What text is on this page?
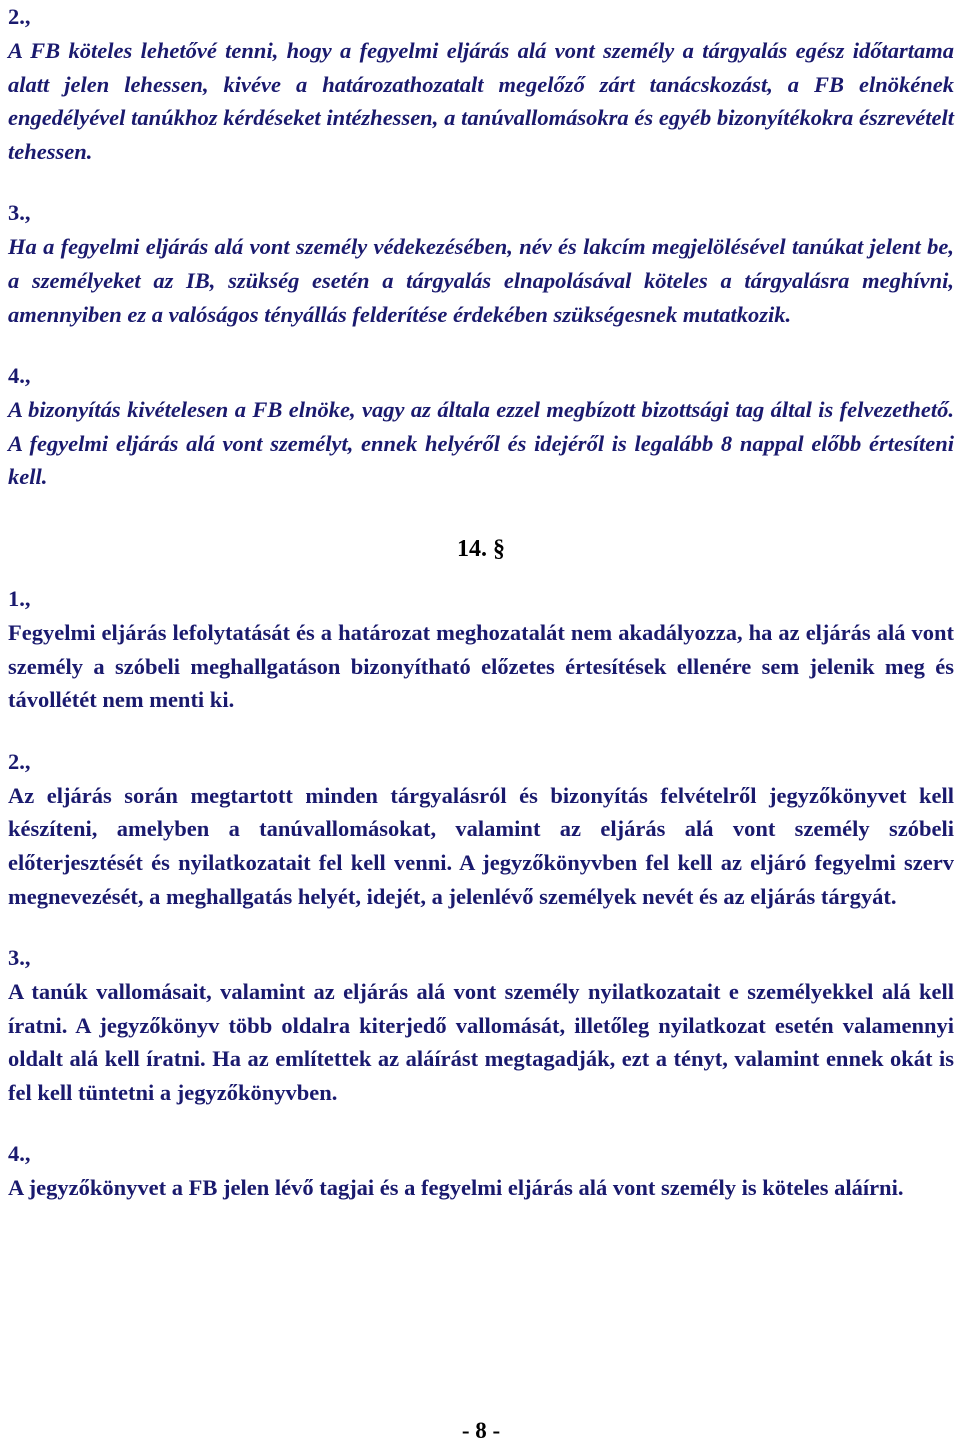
2.,

A FB köteles lehetővé tenni, hogy a fegyelmi eljárás alá vont személy a tárgyalás egész időtartama alatt jelen lehessen, kivéve a határozathozatalt megelőző zárt tanácskozást, a FB elnökének engedélyével tanúkhoz kérdéseket intézhessen, a tanúvallomásokra és egyéb bizonyítékokra észrevételt tehessen.

3.,

Ha a fegyelmi eljárás alá vont személy védekezésében, név és lakcím megjelölésével tanúkat jelent be, a személyeket az IB, szükség esetén a tárgyalás elnapolásával köteles a tárgyalásra meghívni, amennyiben ez a valóságos tényállás felderítése érdekében szükségesnek mutatkozik.

4.,

A bizonyítás kivételesen a FB elnöke, vagy az általa ezzel megbízott bizottsági tag által is felvezethető. A fegyelmi eljárás alá vont személyt, ennek helyéről és idejéről is legalább 8 nappal előbb értesíteni kell.

14. §

1.,

Fegyelmi eljárás lefolytatását és a határozat meghozatalát nem akadályozza, ha az eljárás alá vont személy a szóbeli meghallgatáson bizonyítható előzetes értesítések ellenére sem jelenik meg és távollétét nem menti ki.

2.,

Az eljárás során megtartott minden tárgyalásról és bizonyítás felvételről jegyzőkönyvet kell készíteni, amelyben a tanúvallomásokat, valamint az eljárás alá vont személy szóbeli előterjesztését és nyilatkozatait fel kell venni. A jegyzőkönyvben fel kell az eljáró fegyelmi szerv megnevezését, a meghallgatás helyét, idejét, a jelenlévő személyek nevét és az eljárás tárgyát.

3.,

A tanúk vallomásait, valamint az eljárás alá vont személy nyilatkozatait e személyekkel alá kell íratni. A jegyzőkönyv több oldalra kiterjedő vallomását, illetőleg nyilatkozat esetén valamennyi oldalt alá kell íratni. Ha az említettek az aláírást megtagadják, ezt a tényt, valamint ennek okát is fel kell tüntetni a jegyzőkönyvben.

4.,

A jegyzőkönyvet a FB jelen lévő tagjai és a fegyelmi eljárás alá vont személy is köteles aláírni.

- 8 -
